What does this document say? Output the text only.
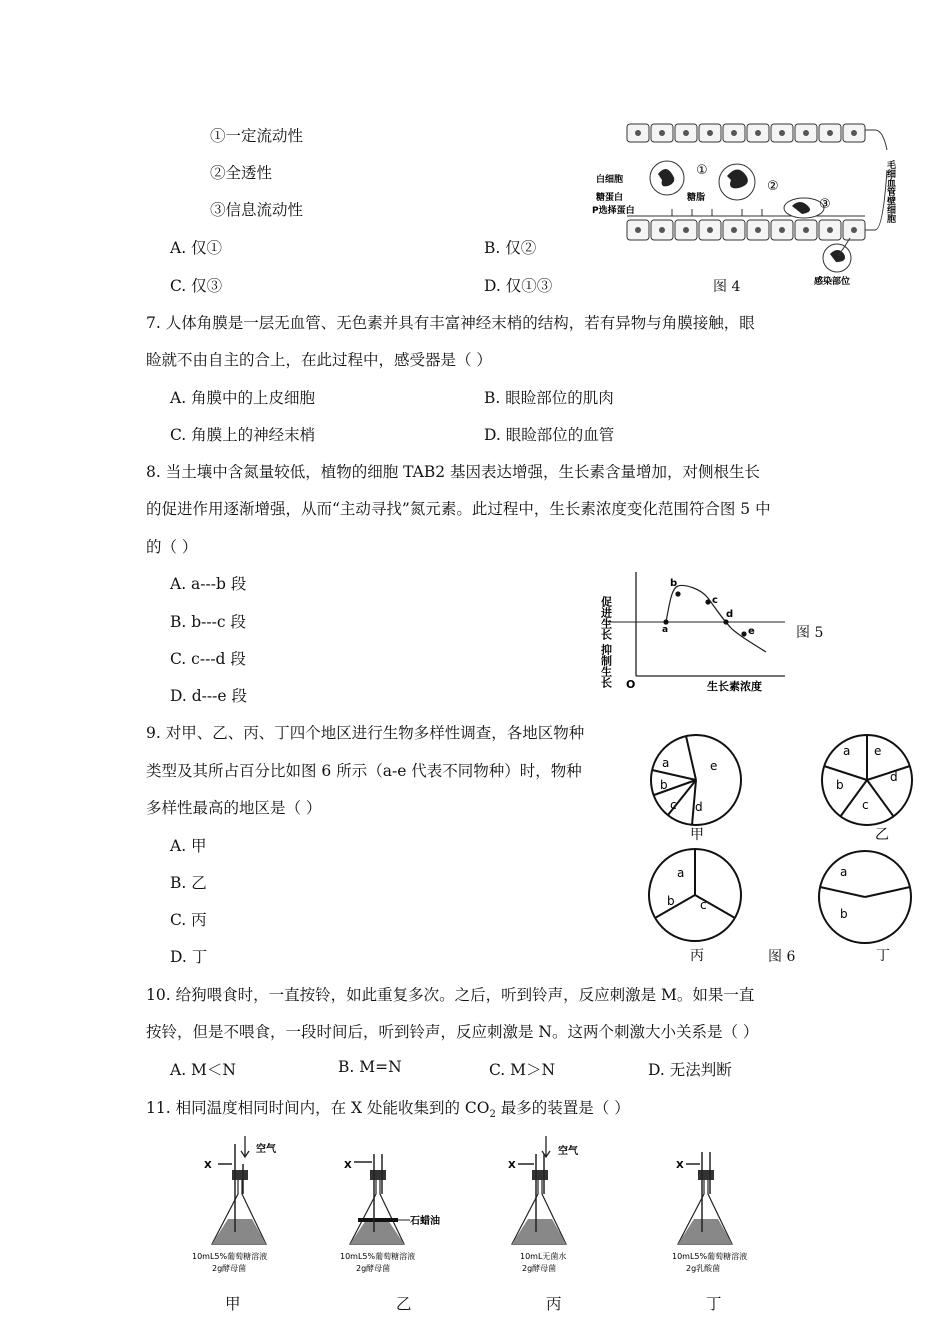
①一定流动性
②全透性
③信息流动性
A. 仅①	B. 仅②
C. 仅③	D. 仅①③
毛细血管壁细胞
①
②
③
白细胞
糖蛋白	糖脂
P选择蛋白
感染部位
图 4
7. 人体角膜是一层无血管、无色素并具有丰富神经末梢的结构，若有异物与角膜接触，眼
睑就不由自主的合上，在此过程中，感受器是（ ）
A. 角膜中的上皮细胞	B. 眼睑部位的肌肉
C. 角膜上的神经末梢	D. 眼睑部位的血管
8. 当土壤中含氮量较低，植物的细胞 TAB2 基因表达增强，生长素含量增加，对侧根生长
的促进作用逐渐增强，从而“主动寻找”氮元素。此过程中，生长素浓度变化范围符合图 5 中
的（ ）
A. a---b 段
B. b---c 段
C. c---d 段
D. d---e 段
a
b
c
d
e
促进生长
抑制生长 O	生长素浓度
图 5
9. 对甲、乙、丙、丁四个地区进行生物多样性调查，各地区物种
类型及其所占百分比如图 6 所示（a-e 代表不同物种）时，物种
多样性最高的地区是（ ）
A. 甲
B. 乙
C. 丙
D. 丁
a
b
c d
e
a
b
c
d
e
a
b c
a
b
甲	乙
丙	丁
图 6
10. 给狗喂食时，一直按铃，如此重复多次。之后，听到铃声，反应刺激是 M。如果一直
按铃，但是不喂食，一段时间后，听到铃声，反应刺激是 N。这两个刺激大小关系是（ ）
A. M＜N	B. M=N	C. M＞N	D. 无法判断
11. 相同温度相同时间内，在 X 处能收集到的 $CO_2$ 最多的装置是（ ）
X
空气
10mL5%葡萄糖溶液
2g酵母菌
X
石蜡油
10mL5%葡萄糖溶液
2g酵母菌
X
空气
10mL无菌水
2g酵母菌
X
10mL5%葡萄糖溶液
2g乳酸菌
甲	乙	丙	丁
